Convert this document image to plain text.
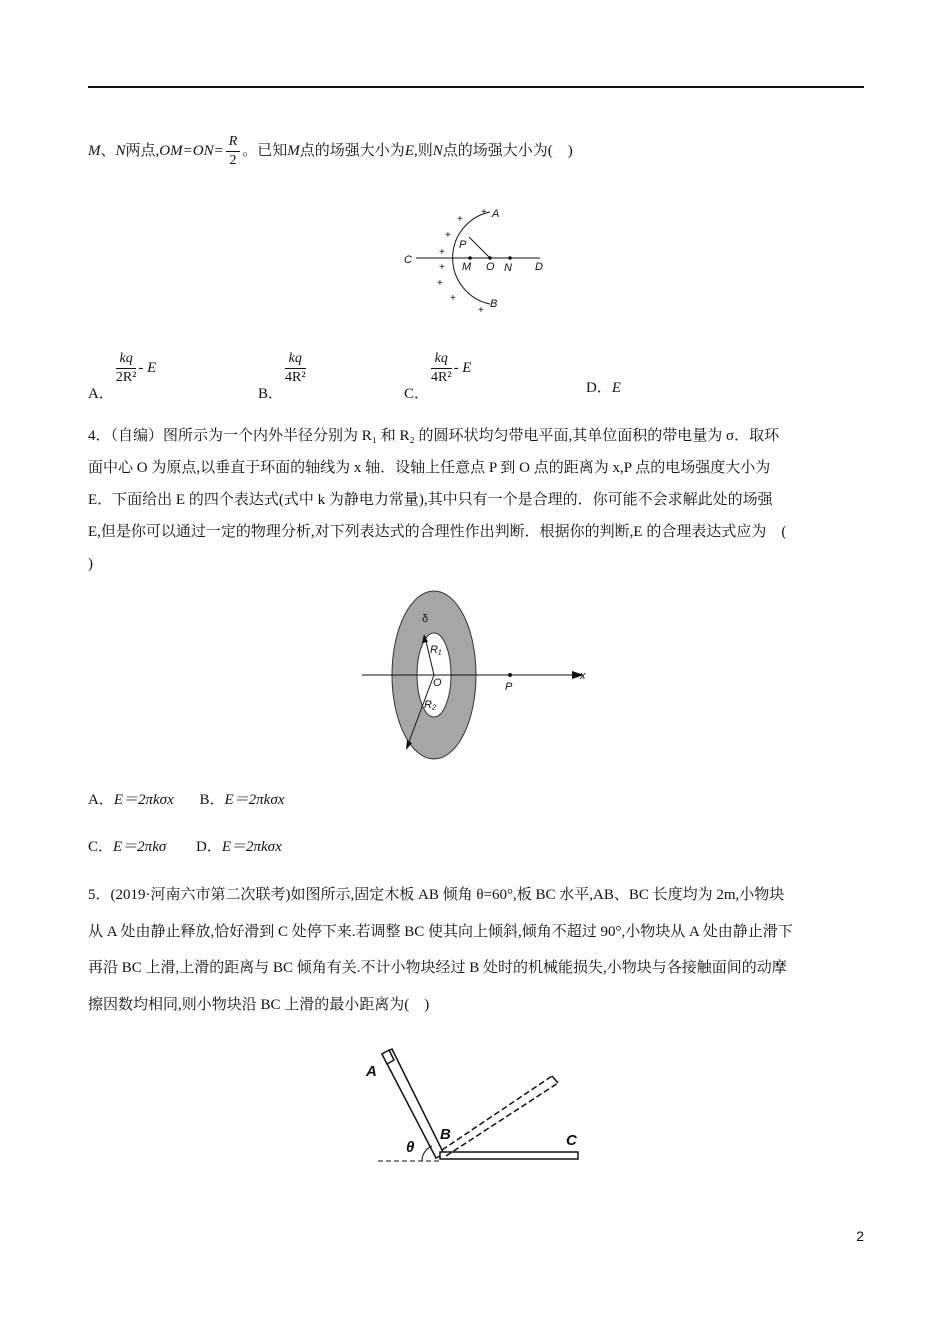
M、N两点$,OM=ON= \frac{R}{2}$ 。已知M点的场强大小为E,则N点的场强大小为(　)
+
+
+
+
+
+
+
+
A
B
C
D
P
M O N
A．
$\frac{kq}{\text{2R²}}$ - E
B．
$\frac{kq}{\text{4R²}}$
C．
$\frac{kq}{\text{4R²}}$ - E
D．E
4．（自编）图所示为一个内外半径分别为 R₁ 和 R₂ 的圆环状均匀带电平面,其单位面积的带电量为 σ．取环
面中心 O 为原点,以垂直于环面的轴线为 x 轴．设轴上任意点 P 到 O 点的距离为 x,P 点的电场强度大小为
E．下面给出 E 的四个表达式(式中 k 为静电力常量),其中只有一个是合理的．你可能不会求解此处的场强
E,但是你可以通过一定的物理分析,对下列表达式的合理性作出判断．根据你的判断,E 的合理表达式应为　(
)
δ
R₁
O
R₂
P
x
A．E＝2πkσx B．E＝2πkσx
C．E＝2πkσ D．E＝2πkσx
5．(2019·河南六市第二次联考)如图所示,固定木板 AB 倾角 θ=60°,板 BC 水平,AB、BC 长度均为 2m,小物块
从 A 处由静止释放,恰好滑到 C 处停下来.若调整 BC 使其向上倾斜,倾角不超过 90°,小物块从 A 处由静止滑下
再沿 BC 上滑,上滑的距离与 BC 倾角有关.不计小物块经过 B 处时的机械能损失,小物块与各接触面间的动摩
擦因数均相同,则小物块沿 BC 上滑的最小距离为(　)
A
B	C
θ
2
